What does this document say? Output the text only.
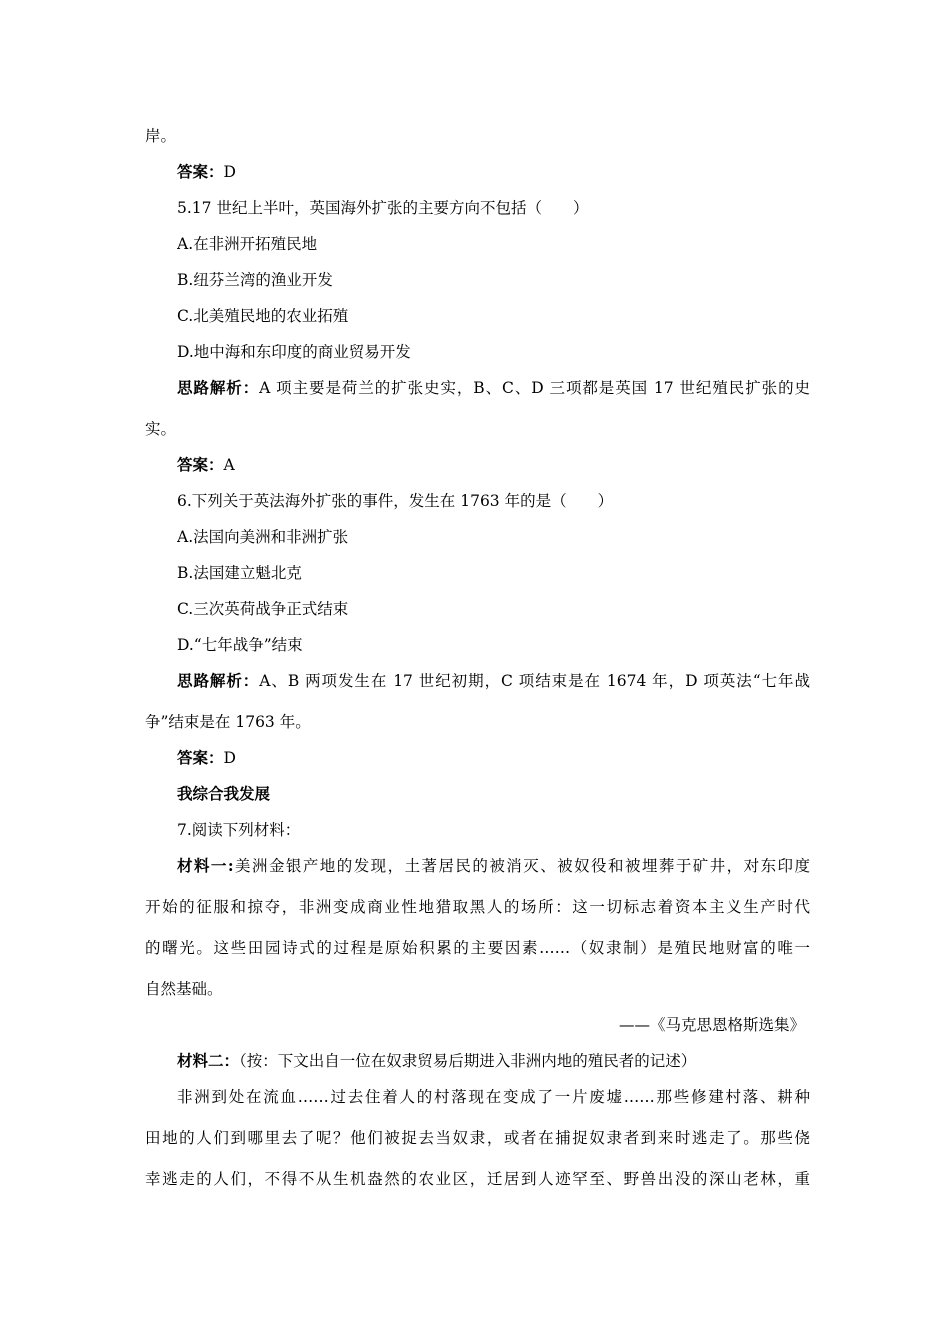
岸。
答案：D
5.17 世纪上半叶，英国海外扩张的主要方向不包括（　　）
A.在非洲开拓殖民地
B.纽芬兰湾的渔业开发
C.北美殖民地的农业拓殖
D.地中海和东印度的商业贸易开发
思路解析：A 项主要是荷兰的扩张史实，B、C、D 三项都是英国 17 世纪殖民扩张的史
实。
答案：A
6.下列关于英法海外扩张的事件，发生在 1763 年的是（　　）
A.法国向美洲和非洲扩张
B.法国建立魁北克
C.三次英荷战争正式结束
D.“七年战争”结束
思路解析：A、B 两项发生在 17 世纪初期，C 项结束是在 1674 年，D 项英法“七年战
争”结束是在 1763 年。
答案：D
我综合我发展
7.阅读下列材料：
材料一:美洲金银产地的发现，土著居民的被消灭、被奴役和被埋葬于矿井，对东印度
开始的征服和掠夺，非洲变成商业性地猎取黑人的场所：这一切标志着资本主义生产时代
的曙光。这些田园诗式的过程是原始积累的主要因素……（奴隶制）是殖民地财富的唯一
自然基础。
——《马克思恩格斯选集》
材料二：（按：下文出自一位在奴隶贸易后期进入非洲内地的殖民者的记述）
非洲到处在流血……过去住着人的村落现在变成了一片废墟……那些修建村落、耕种
田地的人们到哪里去了呢？他们被捉去当奴隶，或者在捕捉奴隶者到来时逃走了。那些侥
幸逃走的人们，不得不从生机盎然的农业区，迁居到人迹罕至、野兽出没的深山老林，重
